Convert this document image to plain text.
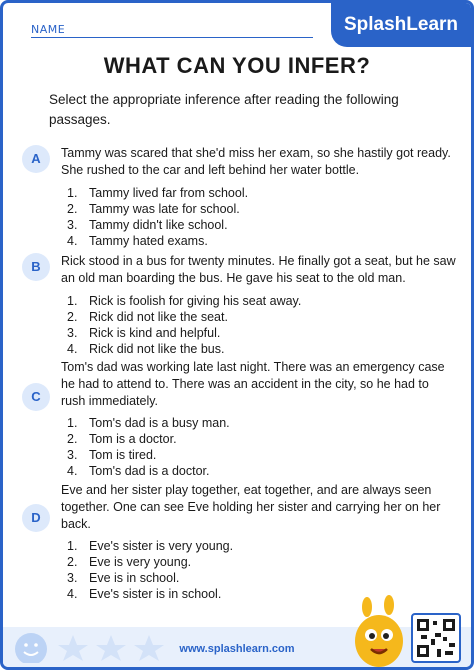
NAME	SplashLearn
WHAT CAN YOU INFER?
Select the appropriate inference after reading the following passages.
A	Tammy was scared that she'd miss her exam, so she hastily got ready. She rushed to the car and left behind her water bottle.
1. Tammy lived far from school.
2. Tammy was late for school.
3. Tammy didn't like school.
4. Tammy hated exams.
B	Rick stood in a bus for twenty minutes. He finally got a seat, but he saw an old man boarding the bus. He gave his seat to the old man.
1. Rick is foolish for giving his seat away.
2. Rick did not like the seat.
3. Rick is kind and helpful.
4. Rick did not like the bus.
C
Tom's dad was working late last night. There was an emergency case he had to attend to. There was an accident in the city, so he had to rush immediately.
1. Tom's dad is a busy man.
2. Tom is a doctor.
3. Tom is tired.
4. Tom's dad is a doctor.
D
Eve and her sister play together, eat together, and are always seen together. One can see Eve holding her sister and carrying her on her back.
1. Eve's sister is very young.
2. Eve is very young.
3. Eve is in school.
4. Eve's sister is in school.
www.splashlearn.com
